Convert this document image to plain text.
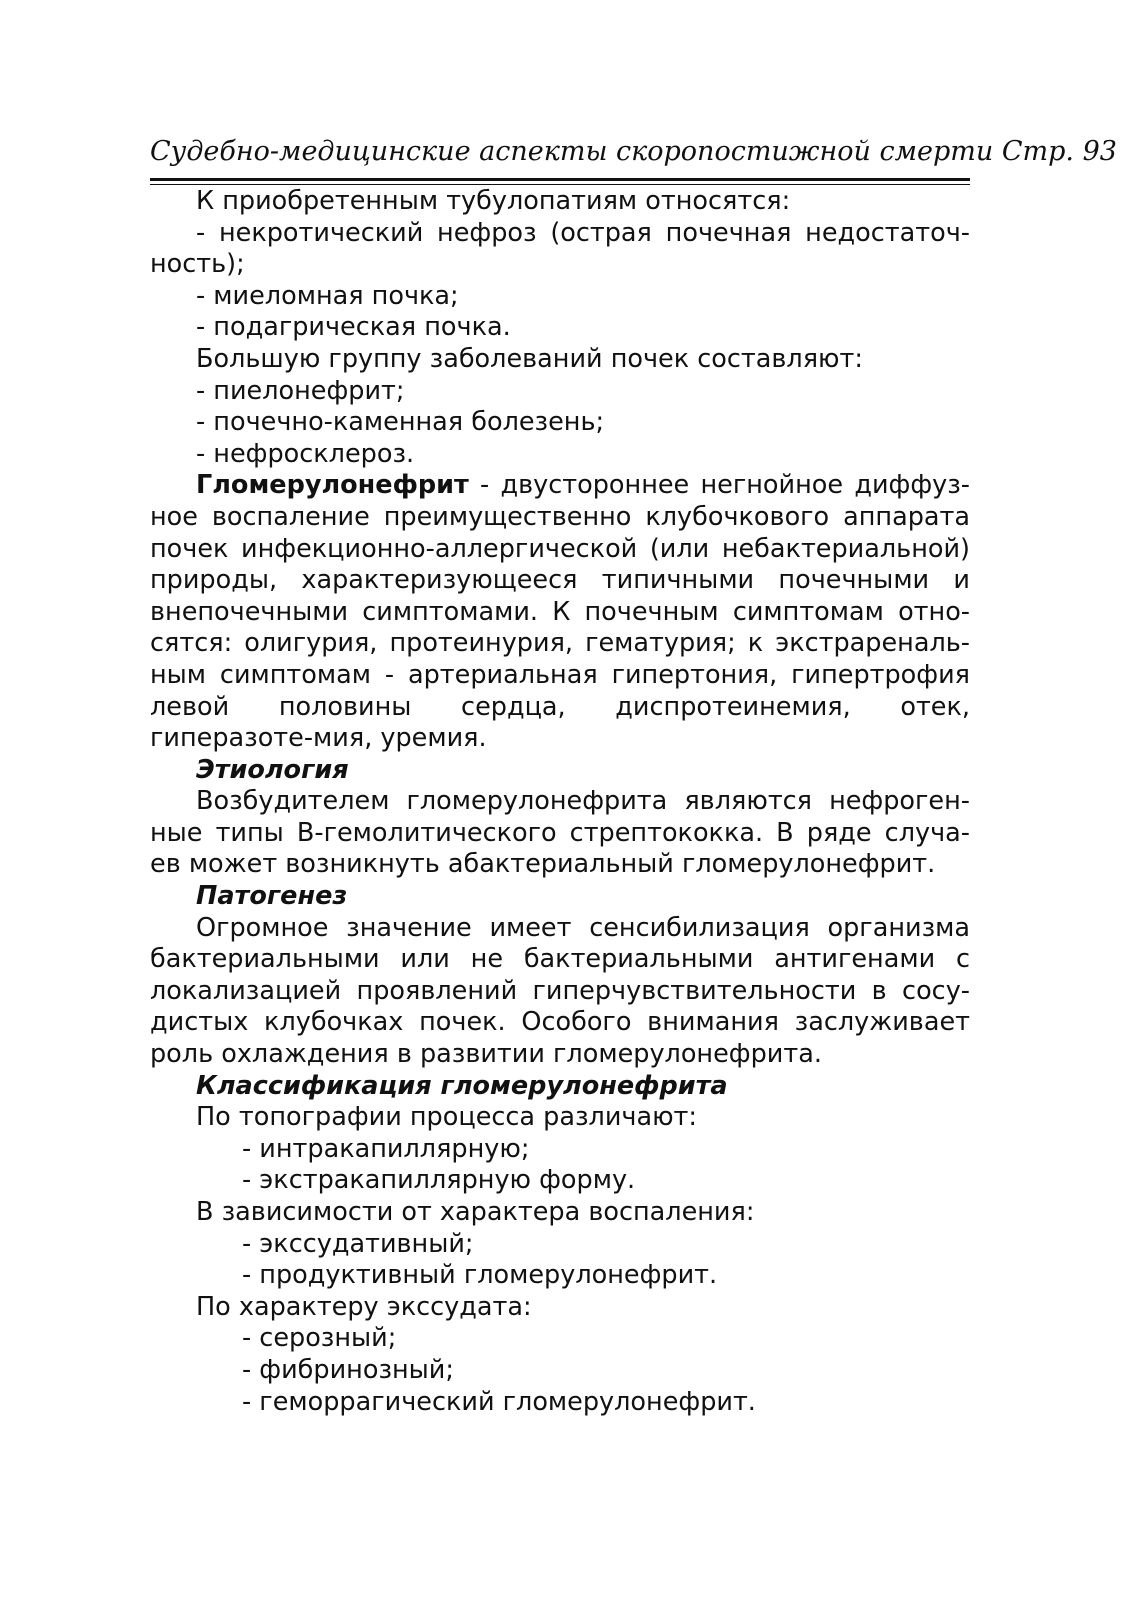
Судебно-медицинские аспекты скоропостижной смерти Стр. 93

К приобретенным тубулопатиям относятся:

- некротический нефроз (острая почечная недостаточ-ность);

- миеломная почка;

- подагрическая почка.

Большую группу заболеваний почек составляют:

- пиелонефрит;

- почечно-каменная болезень;

- нефросклероз.

Гломерулонефрит - двустороннее негнойное диффуз-ное воспаление преимущественно клубочкового аппарата почек инфекционно-аллергической (или небактериальной) природы, характеризующееся типичными почечными и внепочечными симптомами. К почечным симптомам отно-сятся: олигурия, протеинурия, гематурия; к экстрареналь-ным симптомам - артериальная гипертония, гипертрофия левой половины сердца, диспротеинемия, отек, гиперазоте-мия, уремия.

Этиология

Возбудителем гломерулонефрита являются нефроген-ные типы В-гемолитического стрептококка. В ряде случа-ев может возникнуть абактериальный гломерулонефрит.

Патогенез

Огромное значение имеет сенсибилизация организма бактериальными или не бактериальными антигенами с локализацией проявлений гиперчувствительности в сосу-дистых клубочках почек. Особого внимания заслуживает роль охлаждения в развитии гломерулонефрита.

Классификация гломерулонефрита

По топографии процесса различают:

- интракапиллярную;

- экстракапиллярную форму.

В зависимости от характера воспаления:

- экссудативный;

- продуктивный гломерулонефрит.

По характеру экссудата:

- серозный;

- фибринозный;

- геморрагический гломерулонефрит.
